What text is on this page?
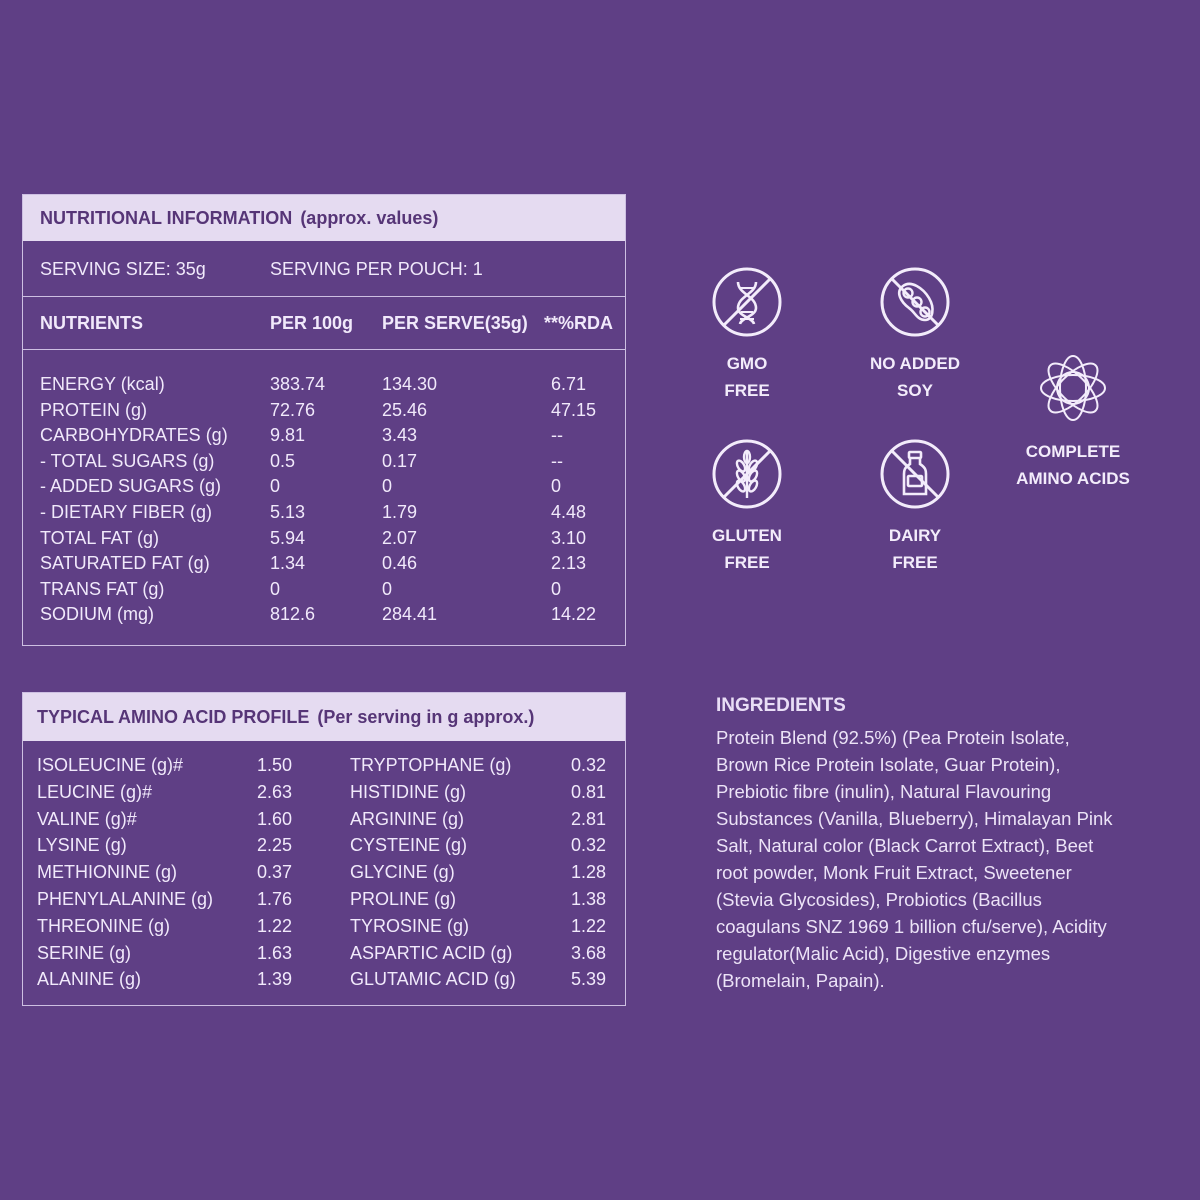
NUTRITIONAL INFORMATION (approx. values)
SERVING SIZE: 35g	SERVING PER POUCH: 1
NUTRIENTS	PER 100g PER SERVE(35g) **%RDA
ENERGY (kcal)	383.74	134.30	6.71
PROTEIN (g)	72.76	25.46	47.15
CARBOHYDRATES (g) 9.81	3.43	--
- TOTAL SUGARS (g)	0.5	0.17	--
- ADDED SUGARS (g)	0	0	0
- DIETARY FIBER (g)	5.13	1.79	4.48
TOTAL FAT (g)	5.94	2.07	3.10
SATURATED FAT (g)	1.34	0.46	2.13
TRANS FAT (g)	0	0	0
SODIUM (mg)	812.6	284.41	14.22
TYPICAL AMINO ACID PROFILE (Per serving in g approx.)
ISOLEUCINE (g)#	1.50	TRYPTOPHANE (g)	0.32
LEUCINE (g)#	2.63	HISTIDINE (g)	0.81
VALINE (g)#	1.60	ARGININE (g)	2.81
LYSINE (g)	2.25	CYSTEINE (g)	0.32
METHIONINE (g)	0.37	GLYCINE (g)	1.28
PHENYLALANINE (g) 1.76	PROLINE (g)	1.38
THREONINE (g)	1.22	TYROSINE (g)	1.22
SERINE (g)	1.63	ASPARTIC ACID (g)	3.68
ALANINE (g)	1.39	GLUTAMIC ACID (g)	5.39
GMO
FREE
NO ADDED
SOY
COMPLETE
AMINO ACIDS
GLUTEN
FREE
DAIRY
FREE
INGREDIENTS

Protein Blend (92.5%) (Pea Protein Isolate, Brown Rice Protein Isolate, Guar Protein), Prebiotic fibre (inulin), Natural Flavouring Substances (Vanilla, Blueberry), Himalayan Pink Salt, Natural color (Black Carrot Extract), Beet root powder, Monk Fruit Extract, Sweetener (Stevia Glycosides), Probiotics (Bacillus coagulans SNZ 1969 1 billion cfu/serve), Acidity regulator(Malic Acid), Digestive enzymes (Bromelain, Papain).
